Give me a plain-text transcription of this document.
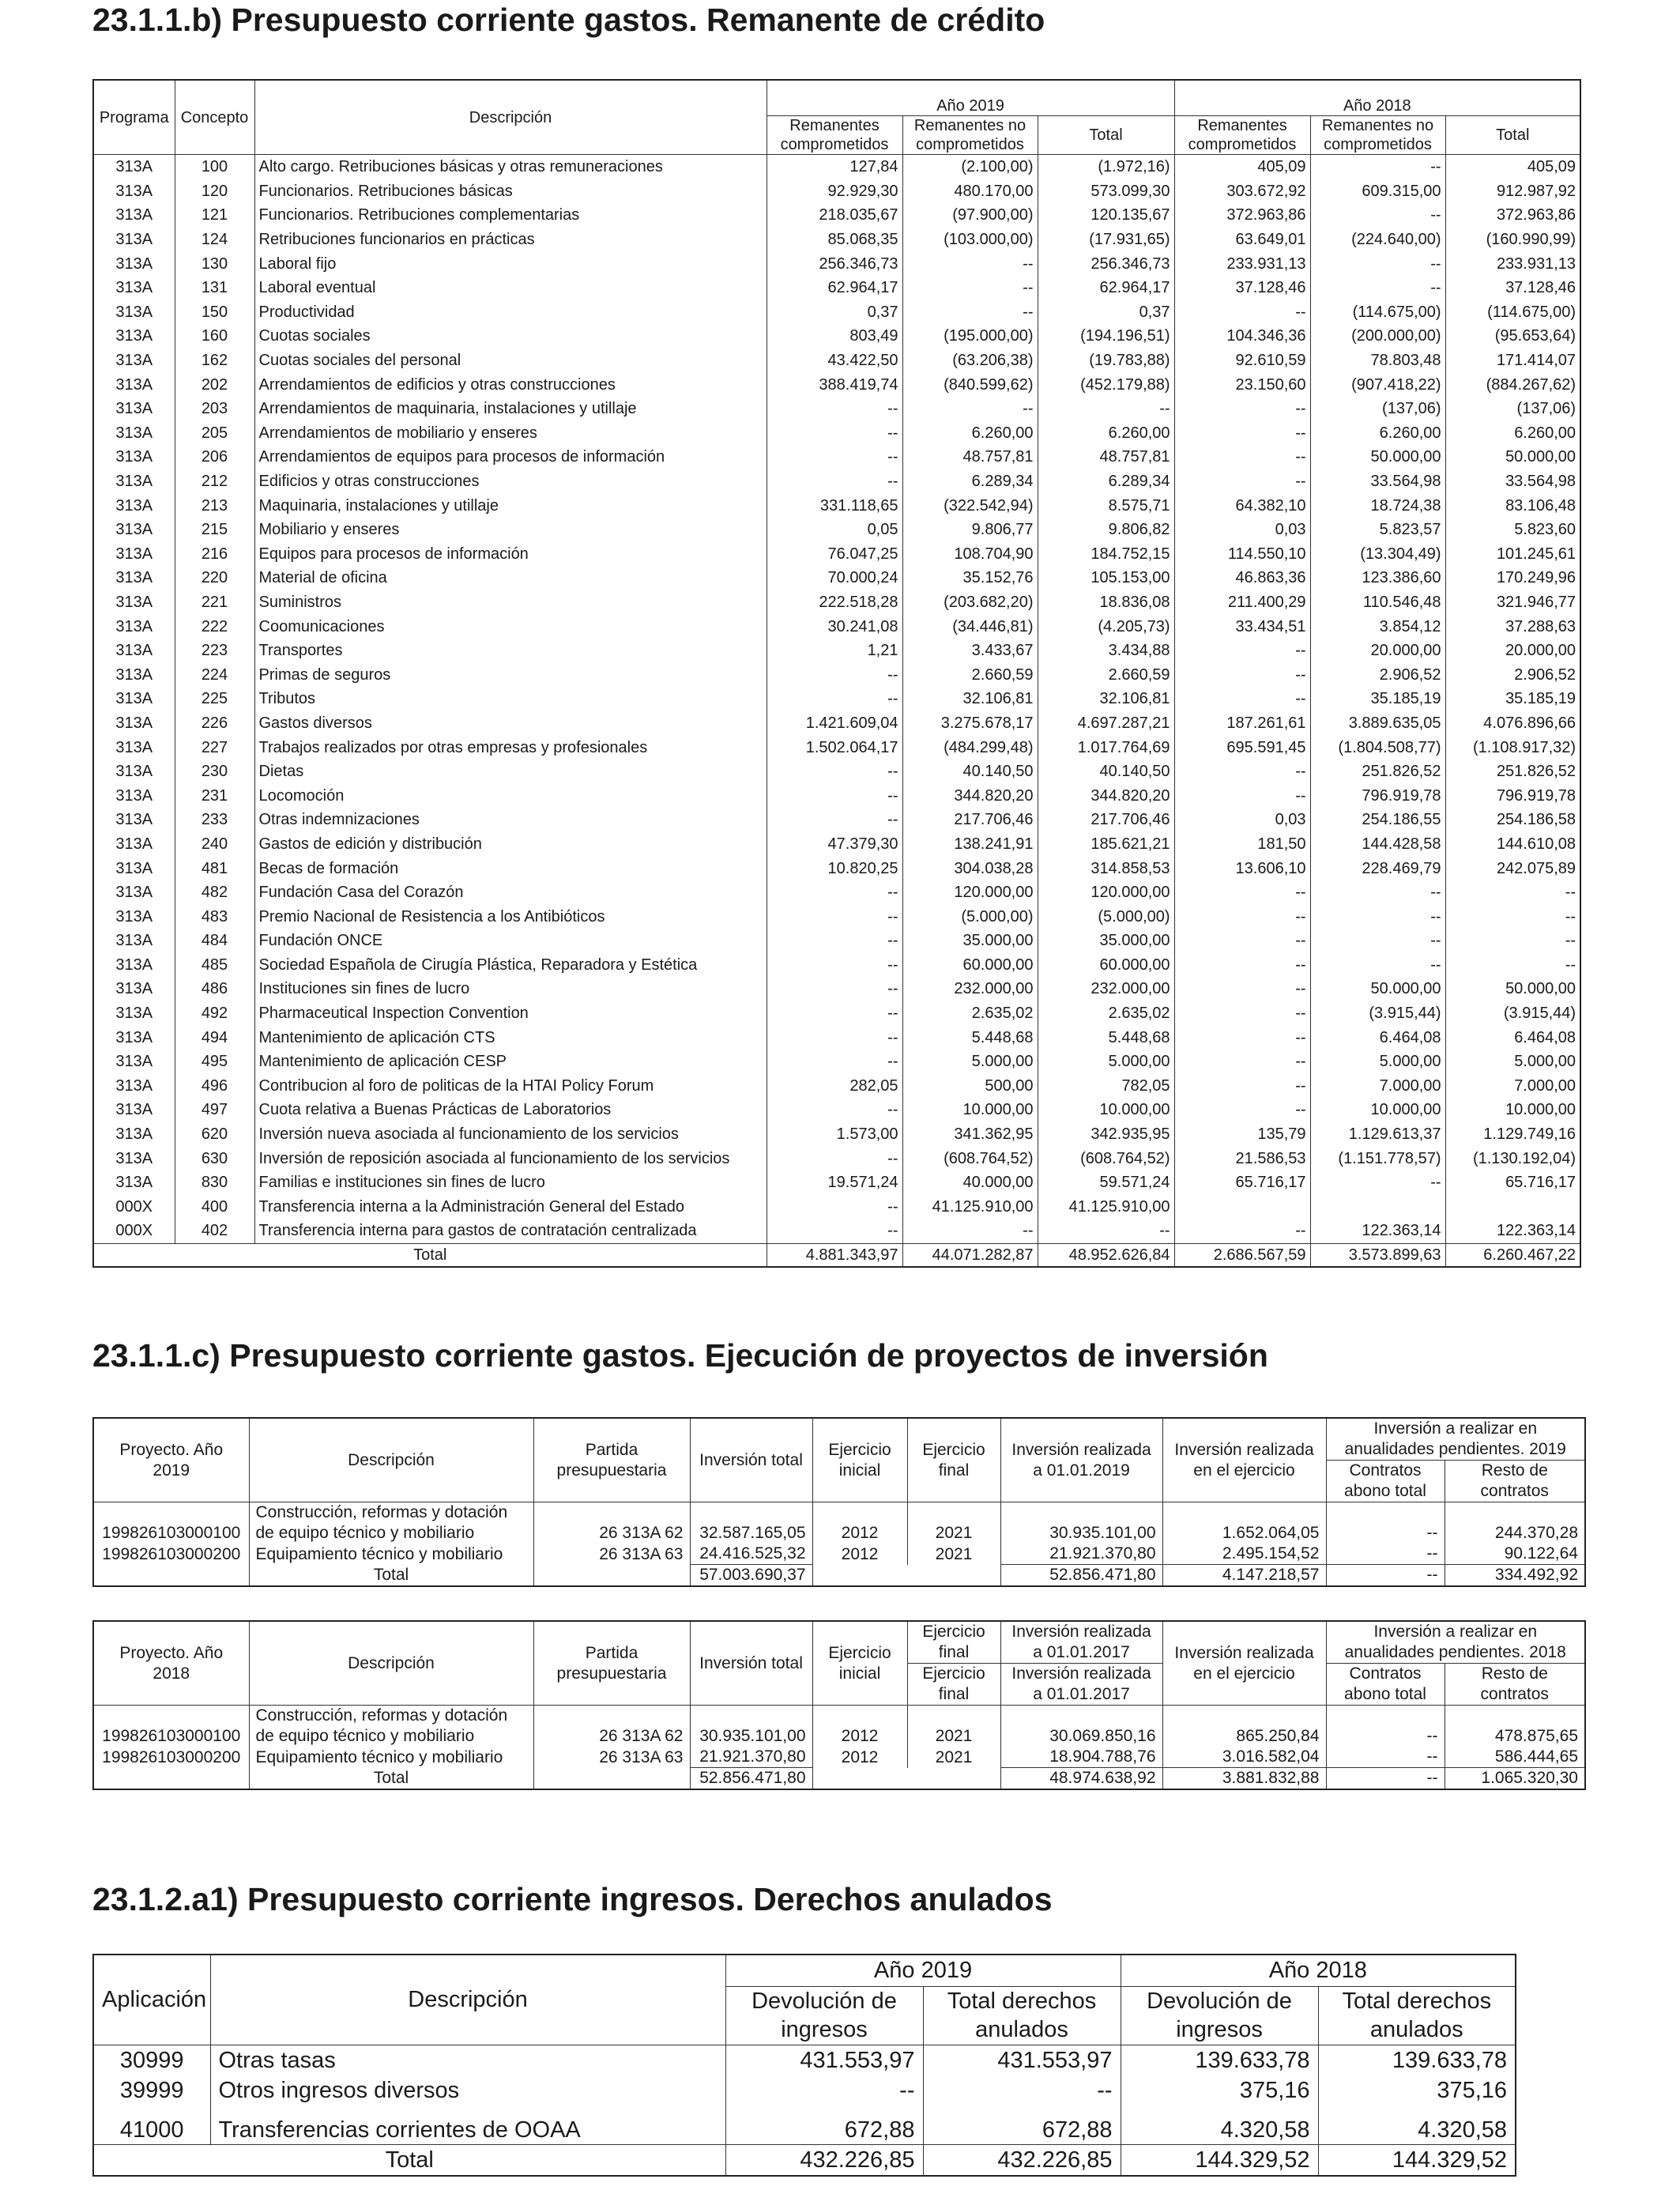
23.1.1.b) Presupuesto corriente gastos. Remanente de crédito
Programa	Concepto	Descripción	Año 2019			Año 2018		
			Remanentes comprometidos	Remanentes no comprometidos	Total	Remanentes comprometidos	Remanentes no comprometidos	Total

313A	100	Alto cargo. Retribuciones básicas y otras remuneraciones	127,84	(2.100,00)	(1.972,16)	405,09	--	405,09
313A	120	Funcionarios. Retribuciones básicas	92.929,30	480.170,00	573.099,30	303.672,92	609.315,00	912.987,92
313A	121	Funcionarios. Retribuciones complementarias	218.035,67	(97.900,00)	120.135,67	372.963,86	--	372.963,86
313A	124	Retribuciones funcionarios en prácticas	85.068,35	(103.000,00)	(17.931,65)	63.649,01	(224.640,00)	(160.990,99)
313A	130	Laboral fijo	256.346,73	--	256.346,73	233.931,13	--	233.931,13
313A	131	Laboral eventual	62.964,17	--	62.964,17	37.128,46	--	37.128,46
313A	150	Productividad	0,37	--	0,37	--	(114.675,00)	(114.675,00)
313A	160	Cuotas sociales	803,49	(195.000,00)	(194.196,51)	104.346,36	(200.000,00)	(95.653,64)
313A	162	Cuotas sociales del personal	43.422,50	(63.206,38)	(19.783,88)	92.610,59	78.803,48	171.414,07
313A	202	Arrendamientos de edificios y otras construcciones	388.419,74	(840.599,62)	(452.179,88)	23.150,60	(907.418,22)	(884.267,62)
313A	203	Arrendamientos de maquinaria, instalaciones y utillaje	--	--	--	--	(137,06)	(137,06)
313A	205	Arrendamientos de mobiliario y enseres	--	6.260,00	6.260,00	--	6.260,00	6.260,00
313A	206	Arrendamientos de equipos para procesos de información	--	48.757,81	48.757,81	--	50.000,00	50.000,00
313A	212	Edificios y otras construcciones	--	6.289,34	6.289,34	--	33.564,98	33.564,98
313A	213	Maquinaria, instalaciones y utillaje	331.118,65	(322.542,94)	8.575,71	64.382,10	18.724,38	83.106,48
313A	215	Mobiliario y enseres	0,05	9.806,77	9.806,82	0,03	5.823,57	5.823,60
313A	216	Equipos para procesos de información	76.047,25	108.704,90	184.752,15	114.550,10	(13.304,49)	101.245,61
313A	220	Material de oficina	70.000,24	35.152,76	105.153,00	46.863,36	123.386,60	170.249,96
313A	221	Suministros	222.518,28	(203.682,20)	18.836,08	211.400,29	110.546,48	321.946,77
313A	222	Coomunicaciones	30.241,08	(34.446,81)	(4.205,73)	33.434,51	3.854,12	37.288,63
313A	223	Transportes	1,21	3.433,67	3.434,88	--	20.000,00	20.000,00
313A	224	Primas de seguros	--	2.660,59	2.660,59	--	2.906,52	2.906,52
313A	225	Tributos	--	32.106,81	32.106,81	--	35.185,19	35.185,19
313A	226	Gastos diversos	1.421.609,04	3.275.678,17	4.697.287,21	187.261,61	3.889.635,05	4.076.896,66
313A	227	Trabajos realizados por otras empresas y profesionales	1.502.064,17	(484.299,48)	1.017.764,69	695.591,45	(1.804.508,77)	(1.108.917,32)
313A	230	Dietas	--	40.140,50	40.140,50	--	251.826,52	251.826,52
313A	231	Locomoción	--	344.820,20	344.820,20	--	796.919,78	796.919,78
313A	233	Otras indemnizaciones	--	217.706,46	217.706,46	0,03	254.186,55	254.186,58
313A	240	Gastos de edición y distribución	47.379,30	138.241,91	185.621,21	181,50	144.428,58	144.610,08
313A	481	Becas de formación	10.820,25	304.038,28	314.858,53	13.606,10	228.469,79	242.075,89
313A	482	Fundación Casa del Corazón	--	120.000,00	120.000,00	--	--	--
313A	483	Premio Nacional de Resistencia a los Antibióticos	--	(5.000,00)	(5.000,00)	--	--	--
313A	484	Fundación ONCE	--	35.000,00	35.000,00	--	--	--
313A	485	Sociedad Española de Cirugía Plástica, Reparadora y Estética	--	60.000,00	60.000,00	--	--	--
313A	486	Instituciones sin fines de lucro	--	232.000,00	232.000,00	--	50.000,00	50.000,00
313A	492	Pharmaceutical Inspection Convention	--	2.635,02	2.635,02	--	(3.915,44)	(3.915,44)
313A	494	Mantenimiento de aplicación CTS	--	5.448,68	5.448,68	--	6.464,08	6.464,08
313A	495	Mantenimiento de aplicación CESP	--	5.000,00	5.000,00	--	5.000,00	5.000,00
313A	496	Contribucion al foro de politicas de la HTAI Policy Forum	282,05	500,00	782,05	--	7.000,00	7.000,00
313A	497	Cuota relativa a Buenas Prácticas de Laboratorios	--	10.000,00	10.000,00	--	10.000,00	10.000,00
313A	620	Inversión nueva asociada al funcionamiento de los servicios	1.573,00	341.362,95	342.935,95	135,79	1.129.613,37	1.129.749,16
313A	630	Inversión de reposición asociada al funcionamiento de los servicios	--	(608.764,52)	(608.764,52)	21.586,53	(1.151.778,57)	(1.130.192,04)
313A	830	Familias e instituciones sin fines de lucro	19.571,24	40.000,00	59.571,24	65.716,17	--	65.716,17
000X	400	Transferencia interna a la Administración General del Estado	--	41.125.910,00	41.125.910,00			
000X	402	Transferencia interna para gastos de contratación centralizada	--	--	--	--	122.363,14	122.363,14
Total			4.881.343,97	44.071.282,87	48.952.626,84	2.686.567,59	3.573.899,63	6.260.467,22
23.1.1.c) Presupuesto corriente gastos. Ejecución de proyectos de inversión
Proyecto. Año 2019	Descripción	Partida presupuestaria	Inversión total	Ejercicio inicial	Ejercicio final	Inversión realizada a 01.01.2019	Inversión realizada en el ejercicio	Inversión a realizar en anualidades pendientes. 2019	
								Contratos abono total	Resto de contratos
199826103000100	Construcción, reformas y dotación de equipo técnico y mobiliario	26 313A 62	32.587.165,05	2012	2021	30.935.101,00	1.652.064,05	--	244.370,28
199826103000200	Equipamiento técnico y mobiliario	26 313A 63	24.416.525,32	2012	2021	21.921.370,80	2.495.154,52	--	90.122,64
	Total		57.003.690,37			52.856.471,80	4.147.218,57	--	334.492,92
Proyecto. Año 2018	Descripción	Partida presupuestaria	Inversión total	Ejercicio inicial	Ejercicio final	Inversión realizada a 01.01.2017	Inversión realizada en el ejercicio	Inversión a realizar en anualidades pendientes. 2018	
					Ejercicio final	Inversión realizada a 01.01.2017		Contratos abono total	Resto de contratos
199826103000100	Construcción, reformas y dotación de equipo técnico y mobiliario	26 313A 62	30.935.101,00	2012	2021	30.069.850,16	865.250,84	--	478.875,65
199826103000200	Equipamiento técnico y mobiliario	26 313A 63	21.921.370,80	2012	2021	18.904.788,76	3.016.582,04	--	586.444,65
	Total		52.856.471,80			48.974.638,92	3.881.832,88	--	1.065.320,30
23.1.2.a1) Presupuesto corriente ingresos. Derechos anulados
Aplicación	Descripción	Año 2019		Año 2018	
		Devolución de ingresos	Total derechos anulados	Devolución de ingresos	Total derechos anulados

30999	Otras tasas	431.553,97	431.553,97	139.633,78	139.633,78
39999	Otros ingresos diversos	--	--	375,16	375,16
41000	Transferencias corrientes de OOAA	672,88	672,88	4.320,58	4.320,58
Total		432.226,85	432.226,85	144.329,52	144.329,52
